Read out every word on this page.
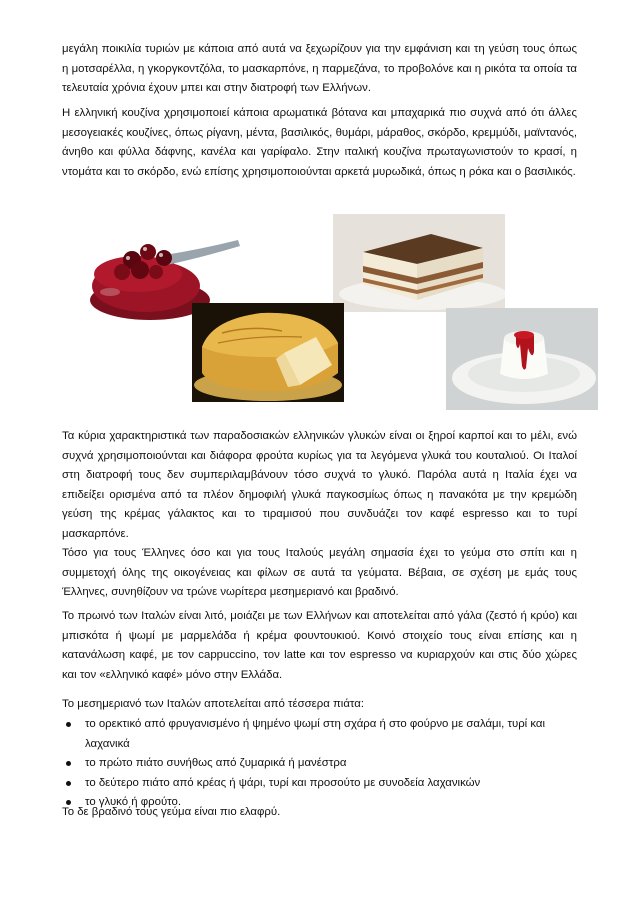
μεγάλη ποικιλία τυριών με κάποια από αυτά να ξεχωρίζουν για την εμφάνιση και τη γεύση τους όπως η μοτσαρέλλα, η γκοργκοντζόλα, το μασκαρπόνε, η παρμεζάνα, το προβολόνε και η ρικότα τα οποία τα τελευταία χρόνια έχουν μπει και στην διατροφή των Ελλήνων.

Η ελληνική κουζίνα χρησιμοποιεί κάποια αρωματικά βότανα και μπαχαρικά πιο συχνά από ότι άλλες μεσογειακές κουζίνες, όπως ρίγανη, μέντα, βασιλικός, θυμάρι, μάραθος, σκόρδο, κρεμμύδι, μαϊντανός, άνηθο και φύλλα δάφνης, κανέλα και γαρίφαλο. Στην ιταλική κουζίνα πρωταγωνιστούν το κρασί, η ντομάτα και το σκόρδο, ενώ επίσης χρησιμοποιούνται αρκετά μυρωδικά, όπως η ρόκα και ο βασιλικός.

Τα κύρια χαρακτηριστικά των παραδοσιακών ελληνικών γλυκών είναι οι ξηροί καρποί και το μέλι, ενώ συχνά χρησιμοποιούνται και διάφορα φρούτα κυρίως για τα λεγόμενα γλυκά του κουταλιού. Οι Ιταλοί στη διατροφή τους δεν συμπεριλαμβάνουν τόσο συχνά το γλυκό. Παρόλα αυτά η Ιταλία έχει να επιδείξει ορισμένα από τα πλέον δημοφιλή γλυκά παγκοσμίως όπως η πανακότα με την κρεμώδη γεύση της κρέμας γάλακτος και το τιραμισού που συνδυάζει τον καφέ espresso και το τυρί μασκαρπόνε.

Τόσο για τους Έλληνες όσο και για τους Ιταλούς μεγάλη σημασία έχει το γεύμα στο σπίτι και η συμμετοχή όλης της οικογένειας και φίλων σε αυτά τα γεύματα. Βέβαια, σε σχέση με εμάς τους Έλληνες, συνηθίζουν να τρώνε νωρίτερα μεσημεριανό και βραδινό.

Το πρωινό των Ιταλών είναι λιτό, μοιάζει με των Ελλήνων και αποτελείται από γάλα (ζεστό ή κρύο) και μπισκότα ή ψωμί με μαρμελάδα ή κρέμα φουντουκιού. Κοινό στοιχείο τους είναι επίσης και η κατανάλωση καφέ, με τον cappuccino, τον latte και τον espresso να κυριαρχούν και στις δύο χώρες και τον «ελληνικό καφέ» μόνο στην Ελλάδα.

Το μεσημεριανό των Ιταλών αποτελείται από τέσσερα πιάτα:

το ορεκτικό από φρυγανισμένο ή ψημένο ψωμί στη σχάρα ή στο φούρνο με σαλάμι, τυρί και λαχανικά
το πρώτο πιάτο συνήθως από ζυμαρικά ή μανέστρα
το δεύτερο πιάτο από κρέας ή ψάρι, τυρί και προσούτο με συνοδεία λαχανικών
το γλυκό ή φρούτο.

Το δε βραδινό τους γεύμα είναι πιο ελαφρύ.
